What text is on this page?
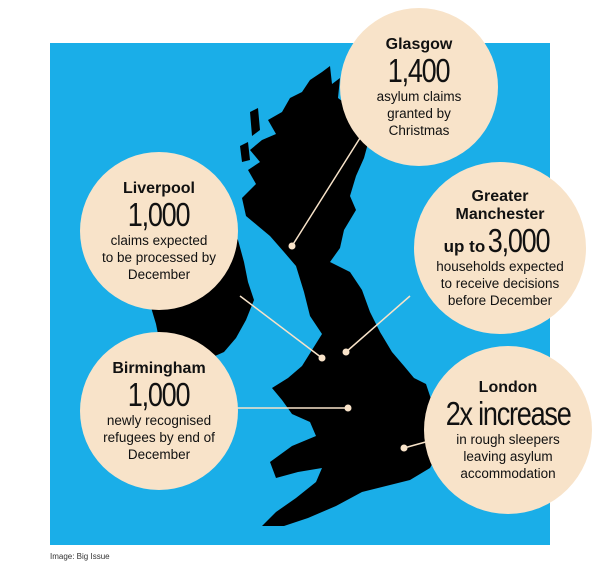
Glasgow
1,400
asylum claims
granted by
Christmas
Liverpool
1,000
claims expected
to be processed by
December
Greater
Manchester
up to 3,000
households expected
to receive decisions
before December
Birmingham
1,000
newly recognised
refugees by end of
December
London
2x increase
in rough sleepers
leaving asylum
accommodation
Image: Big Issue
